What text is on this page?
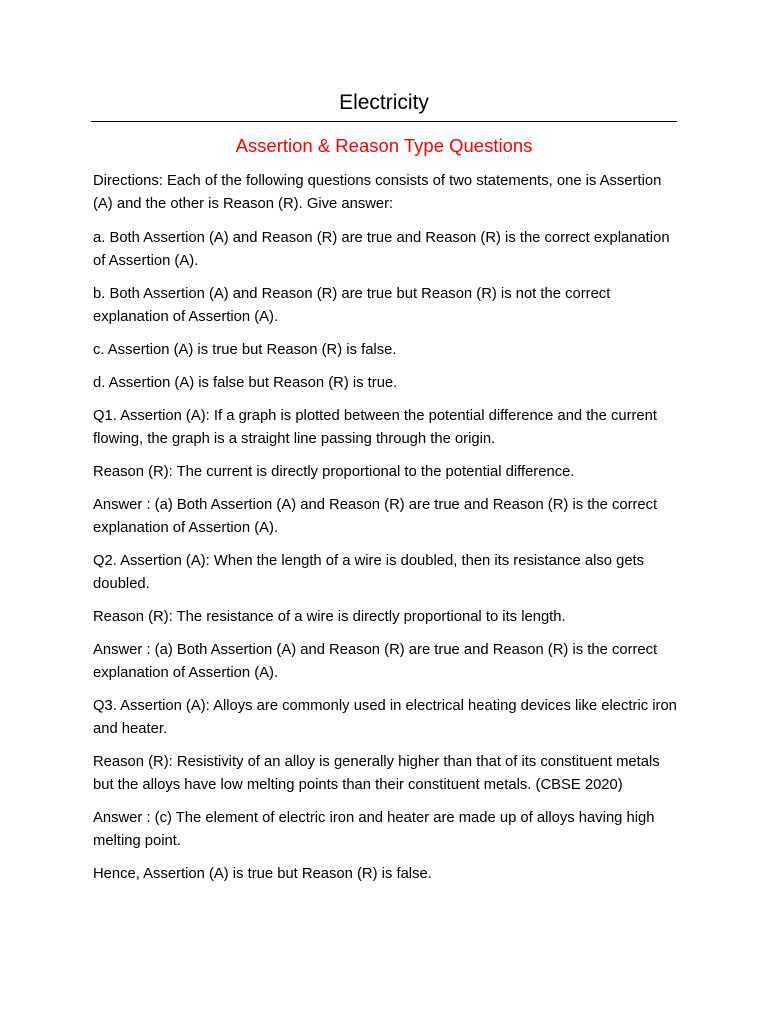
Electricity
Assertion & Reason Type Questions

Directions: Each of the following questions consists of two statements, one is Assertion (A) and the other is Reason (R). Give answer:

a. Both Assertion (A) and Reason (R) are true and Reason (R) is the correct explanation of Assertion (A).

b. Both Assertion (A) and Reason (R) are true but Reason (R) is not the correct explanation of Assertion (A).

c. Assertion (A) is true but Reason (R) is false.

d. Assertion (A) is false but Reason (R) is true.

Q1. Assertion (A): If a graph is plotted between the potential difference and the current flowing, the graph is a straight line passing through the origin.

Reason (R): The current is directly proportional to the potential difference.

Answer : (a) Both Assertion (A) and Reason (R) are true and Reason (R) is the correct explanation of Assertion (A).

Q2. Assertion (A): When the length of a wire is doubled, then its resistance also gets doubled.

Reason (R): The resistance of a wire is directly proportional to its length.

Answer : (a) Both Assertion (A) and Reason (R) are true and Reason (R) is the correct explanation of Assertion (A).

Q3. Assertion (A): Alloys are commonly used in electrical heating devices like electric iron and heater.

Reason (R): Resistivity of an alloy is generally higher than that of its constituent metals but the alloys have low melting points than their constituent metals. (CBSE 2020)

Answer : (c) The element of electric iron and heater are made up of alloys having high melting point.

Hence, Assertion (A) is true but Reason (R) is false.
